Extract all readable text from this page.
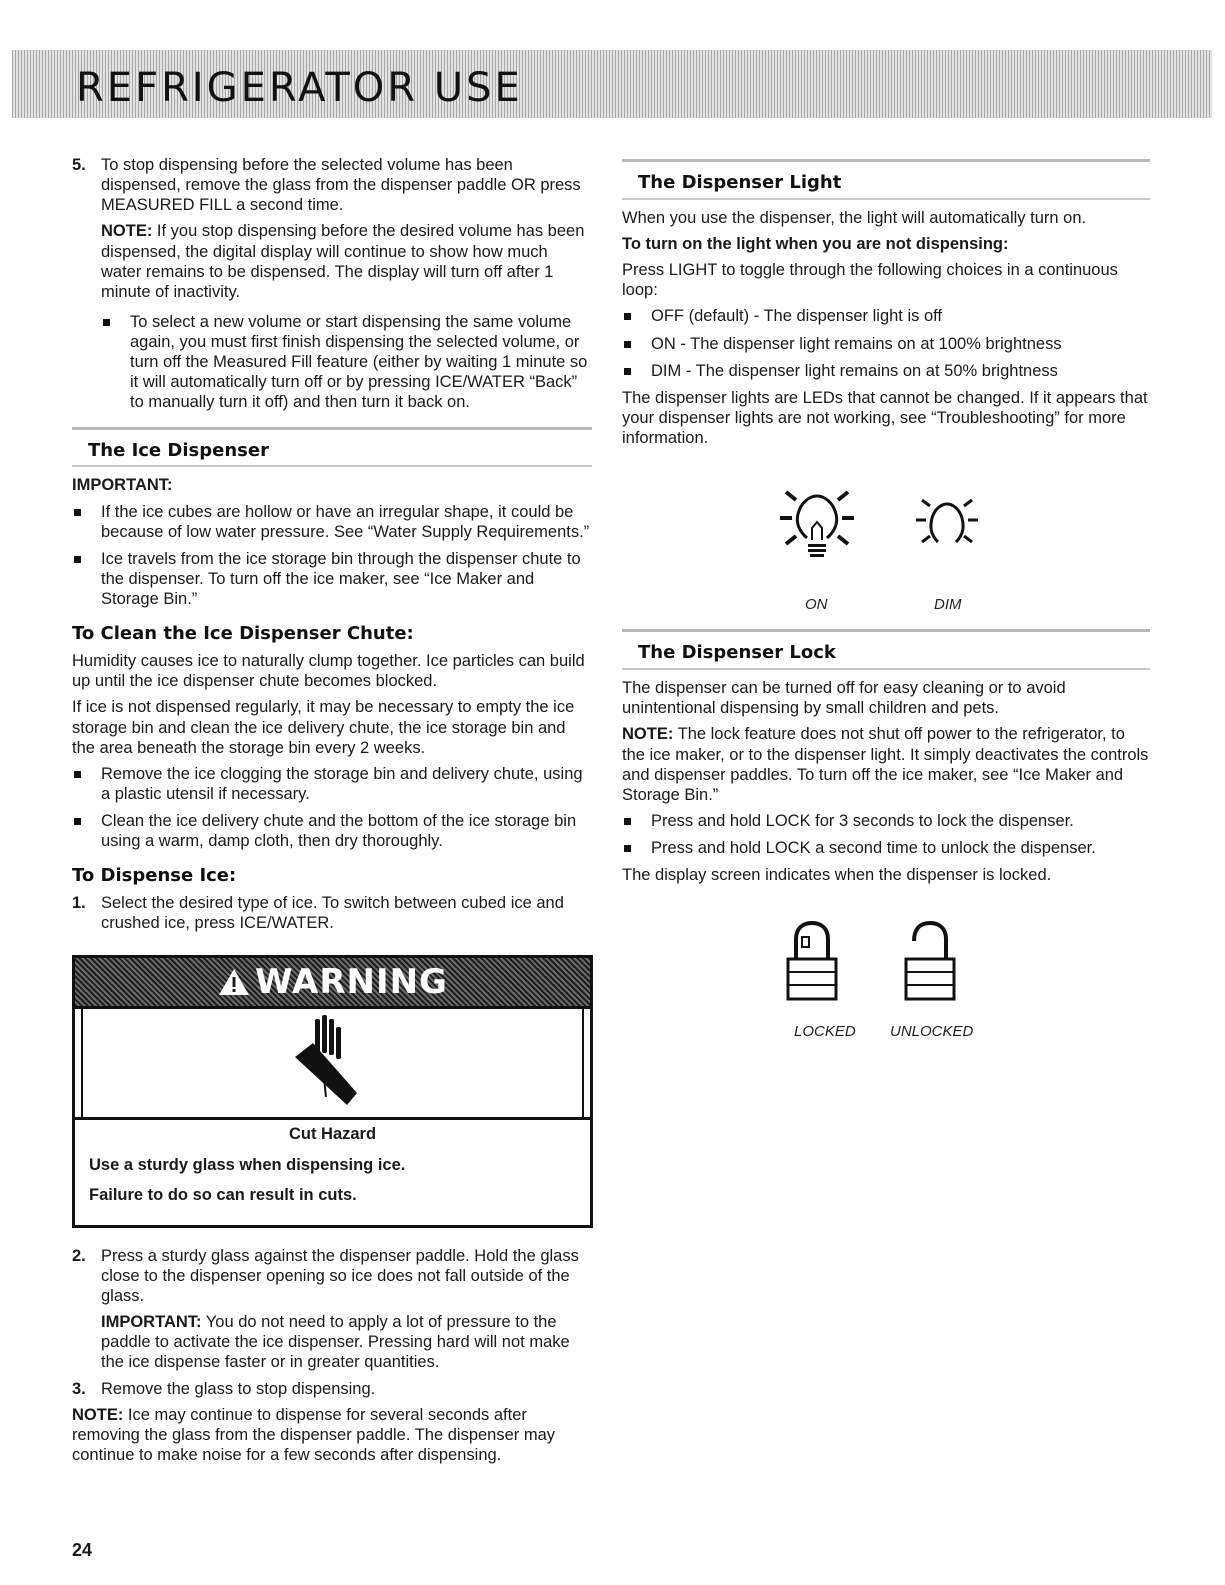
REFRIGERATOR USE
5. To stop dispensing before the selected volume has been dispensed, remove the glass from the dispenser paddle OR press MEASURED FILL a second time.

NOTE: If you stop dispensing before the desired volume has been dispensed, the digital display will continue to show how much water remains to be dispensed. The display will turn off after 1 minute of inactivity.

To select a new volume or start dispensing the same volume again, you must first finish dispensing the selected volume, or turn off the Measured Fill feature (either by waiting 1 minute so it will automatically turn off or by pressing ICE/WATER “Back” to manually turn it off) and then turn it back on.
The Ice Dispenser

IMPORTANT:

If the ice cubes are hollow or have an irregular shape, it could be because of low water pressure. See “Water Supply Requirements.”
Ice travels from the ice storage bin through the dispenser chute to the dispenser. To turn off the ice maker, see “Ice Maker and Storage Bin.”
To Clean the Ice Dispenser Chute:

Humidity causes ice to naturally clump together. Ice particles can build up until the ice dispenser chute becomes blocked.

If ice is not dispensed regularly, it may be necessary to empty the ice storage bin and clean the ice delivery chute, the ice storage bin and the area beneath the storage bin every 2 weeks.

Remove the ice clogging the storage bin and delivery chute, using a plastic utensil if necessary.
Clean the ice delivery chute and the bottom of the ice storage bin using a warm, damp cloth, then dry thoroughly.
To Dispense Ice:
1. Select the desired type of ice. To switch between cubed ice and crushed ice, press ICE/WATER.

WARNING
Cut Hazard

Use a sturdy glass when dispensing ice.

Failure to do so can result in cuts.

2. Press a sturdy glass against the dispenser paddle. Hold the glass close to the dispenser opening so ice does not fall outside of the glass.

IMPORTANT: You do not need to apply a lot of pressure to the paddle to activate the ice dispenser. Pressing hard will not make the ice dispense faster or in greater quantities.

3. Remove the glass to stop dispensing.

NOTE: Ice may continue to dispense for several seconds after removing the glass from the dispenser paddle. The dispenser may continue to make noise for a few seconds after dispensing.

The Dispenser Light

When you use the dispenser, the light will automatically turn on.

To turn on the light when you are not dispensing:

Press LIGHT to toggle through the following choices in a continuous loop:

OFF (default) - The dispenser light is off
ON - The dispenser light remains on at 100% brightness
DIM - The dispenser light remains on at 50% brightness

The dispenser lights are LEDs that cannot be changed. If it appears that your dispenser lights are not working, see “Troubleshooting” for more information.

ON	DIM
The Dispenser Lock

The dispenser can be turned off for easy cleaning or to avoid unintentional dispensing by small children and pets.

NOTE: The lock feature does not shut off power to the refrigerator, to the ice maker, or to the dispenser light. It simply deactivates the controls and dispenser paddles. To turn off the ice maker, see “Ice Maker and Storage Bin.”

Press and hold LOCK for 3 seconds to lock the dispenser.
Press and hold LOCK a second time to unlock the dispenser.

The display screen indicates when the dispenser is locked.

LOCKED UNLOCKED
24
